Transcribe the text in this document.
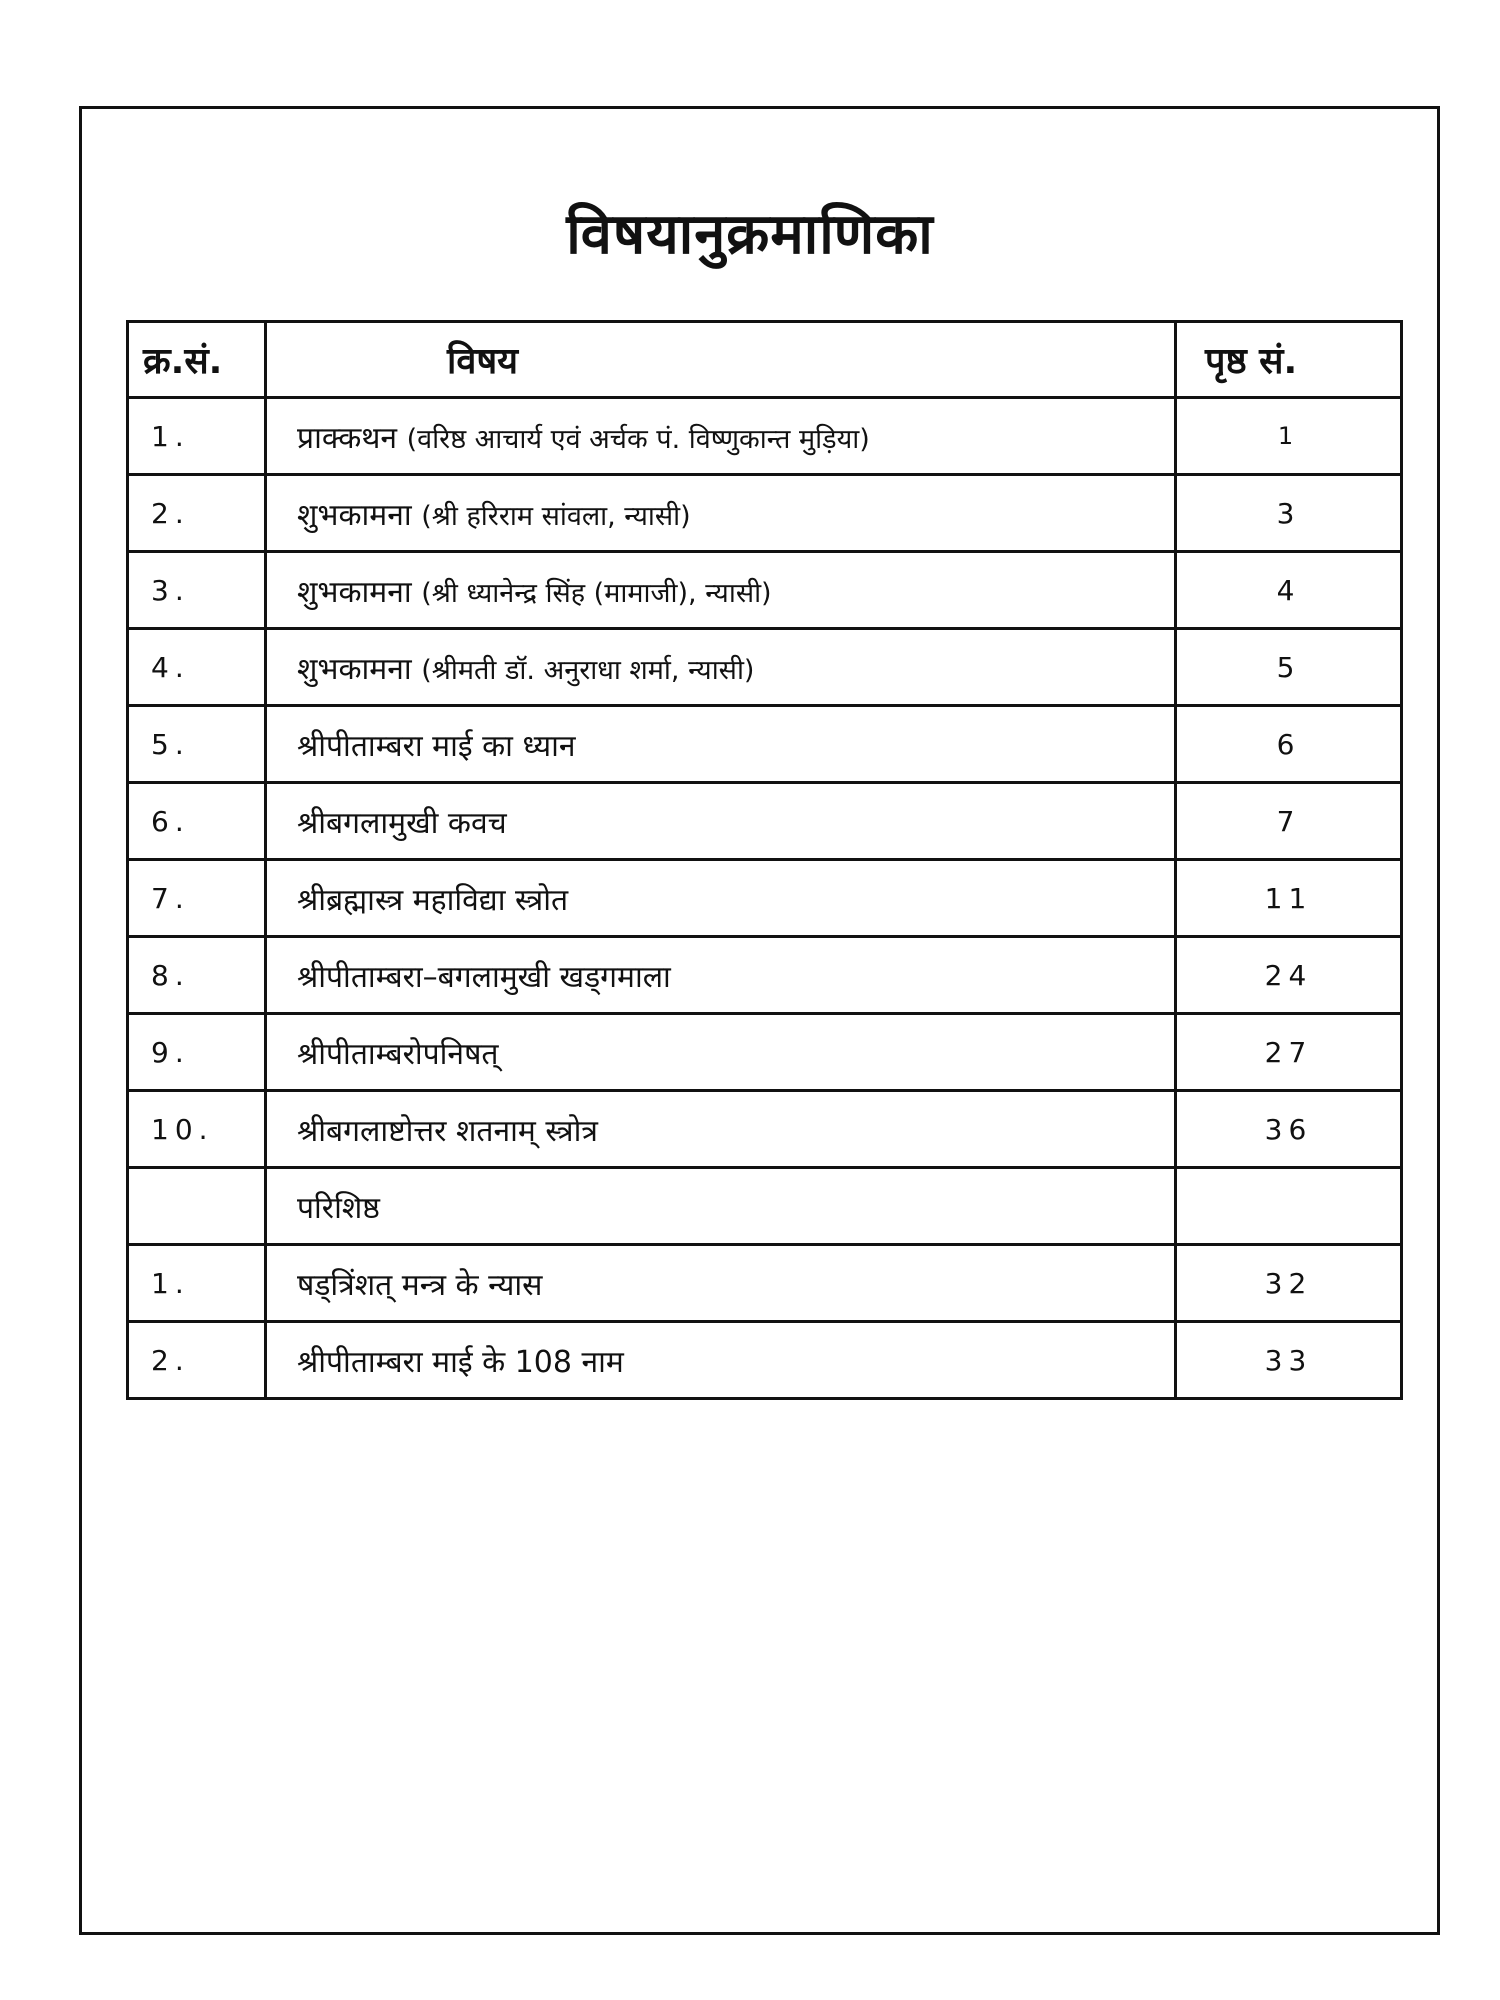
विषयानुक्रमाणिका
क्र.सं.	विषय	पृष्ठ सं.
1.	प्राक्कथन (वरिष्ठ आचार्य एवं अर्चक पं. विष्णुकान्त मुड़िया)	1
2.	शुभकामना (श्री हरिराम सांवला, न्यासी)	3
3.	शुभकामना (श्री ध्यानेन्द्र सिंह (मामाजी), न्यासी)	4
4.	शुभकामना (श्रीमती डॉ. अनुराधा शर्मा, न्यासी)	5
5.	श्रीपीताम्बरा माई का ध्यान	6
6.	श्रीबगलामुखी कवच	7
7.	श्रीब्रह्मास्त्र महाविद्या स्त्रोत	11
8.	श्रीपीताम्बरा–बगलामुखी खड्गमाला	24
9.	श्रीपीताम्बरोपनिषत्	27
10.	श्रीबगलाष्टोत्तर शतनाम् स्त्रोत्र	36
	परिशिष्ठ	
1.	षड्त्रिंशत् मन्त्र के न्यास	32
2.	श्रीपीताम्बरा माई के 108 नाम	33
